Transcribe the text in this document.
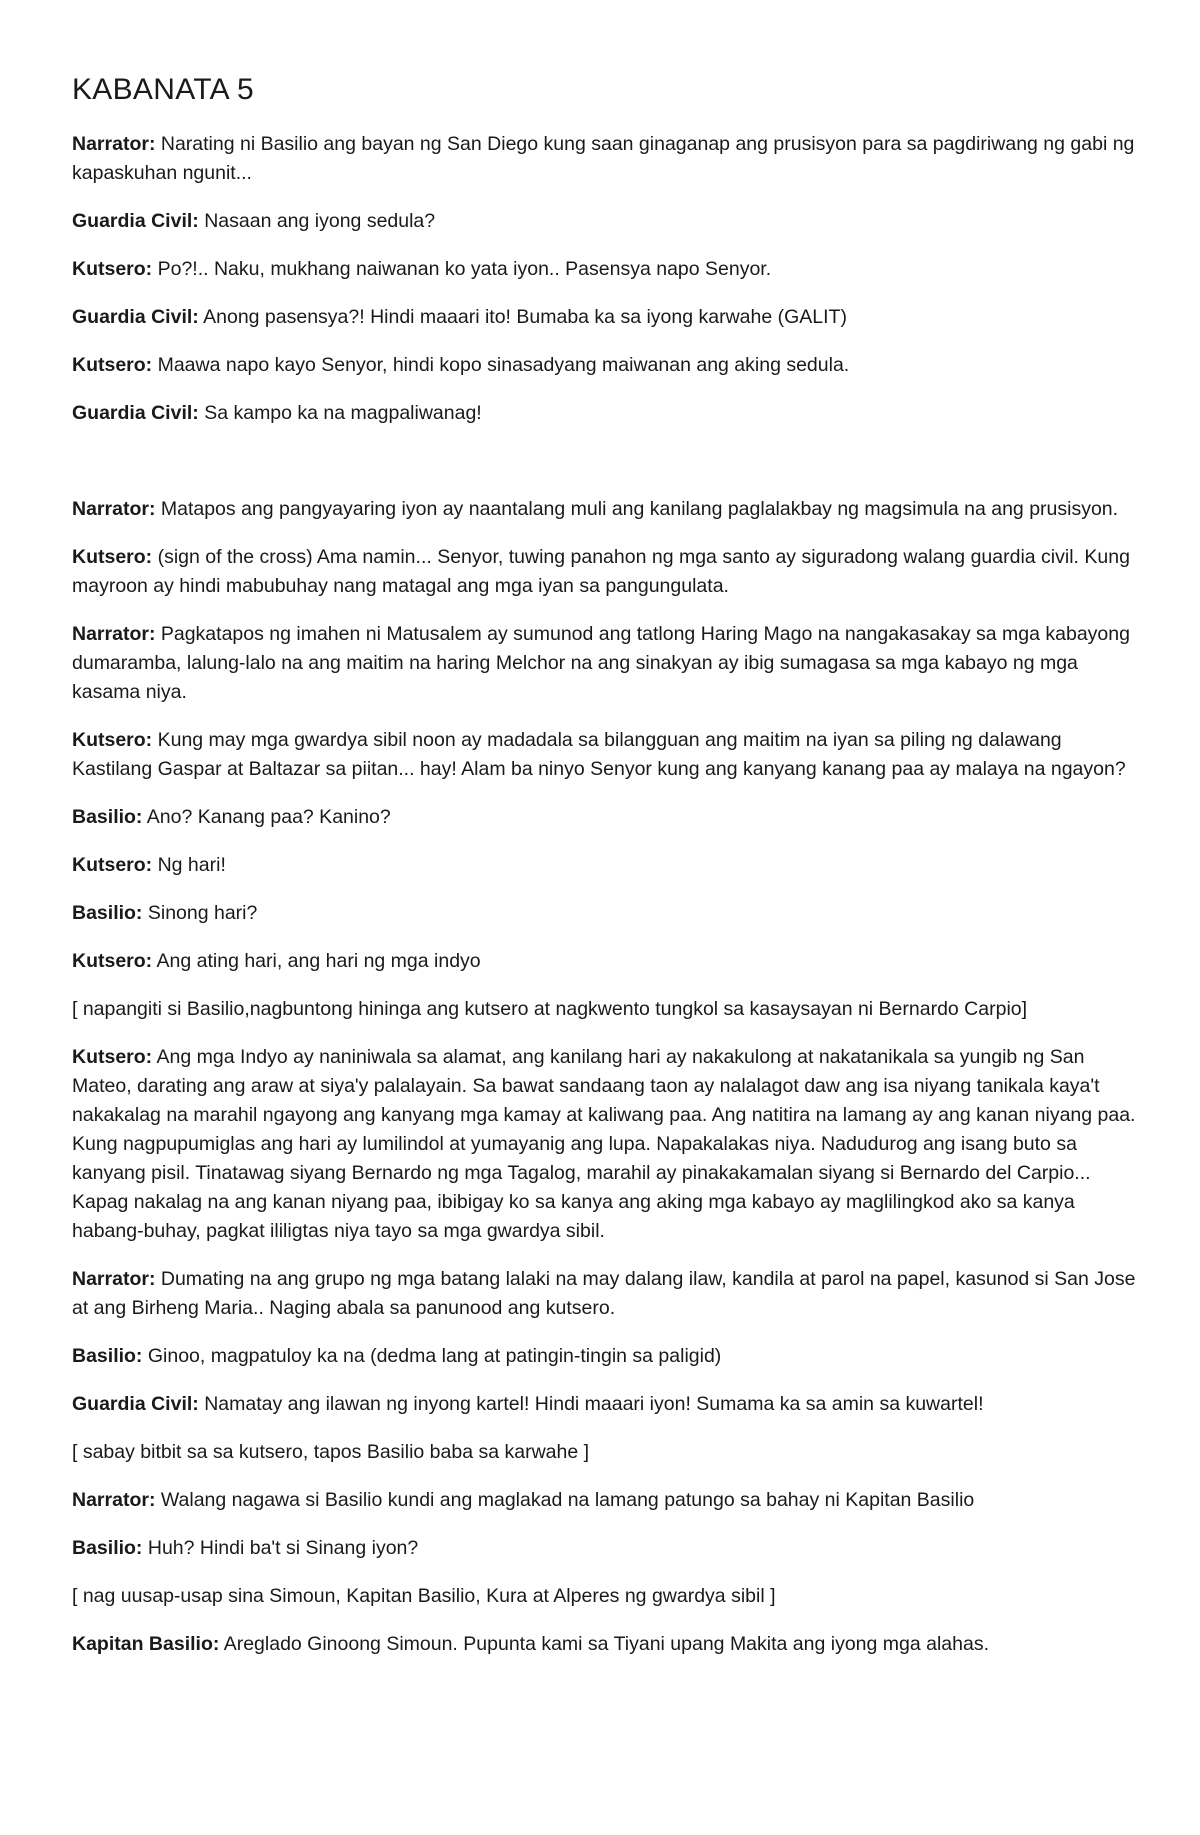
KABANATA 5

Narrator: Narating ni Basilio ang bayan ng San Diego kung saan ginaganap ang prusisyon para sa pagdiriwang ng gabi ng kapaskuhan ngunit...

Guardia Civil: Nasaan ang iyong sedula?

Kutsero: Po?!.. Naku, mukhang naiwanan ko yata iyon.. Pasensya napo Senyor.

Guardia Civil: Anong pasensya?! Hindi maaari ito! Bumaba ka sa iyong karwahe (GALIT)

Kutsero: Maawa napo kayo Senyor, hindi kopo sinasadyang maiwanan ang aking sedula.

Guardia Civil: Sa kampo ka na magpaliwanag!

Narrator: Matapos ang pangyayaring iyon ay naantalang muli ang kanilang paglalakbay ng magsimula na ang prusisyon.

Kutsero: (sign of the cross) Ama namin... Senyor, tuwing panahon ng mga santo ay siguradong walang guardia civil. Kung mayroon ay hindi mabubuhay nang matagal ang mga iyan sa pangungulata.

Narrator: Pagkatapos ng imahen ni Matusalem ay sumunod ang tatlong Haring Mago na nangakasakay sa mga kabayong dumaramba, lalung-lalo na ang maitim na haring Melchor na ang sinakyan ay ibig sumagasa sa mga kabayo ng mga kasama niya.

Kutsero: Kung may mga gwardya sibil noon ay madadala sa bilangguan ang maitim na iyan sa piling ng dalawang Kastilang Gaspar at Baltazar sa piitan... hay! Alam ba ninyo Senyor kung ang kanyang kanang paa ay malaya na ngayon?

Basilio: Ano? Kanang paa? Kanino?

Kutsero: Ng hari!

Basilio: Sinong hari?

Kutsero: Ang ating hari, ang hari ng mga indyo

[ napangiti si Basilio,nagbuntong hininga ang kutsero at nagkwento tungkol sa kasaysayan ni Bernardo Carpio]

Kutsero: Ang mga Indyo ay naniniwala sa alamat, ang kanilang hari ay nakakulong at nakatanikala sa yungib ng San Mateo, darating ang araw at siya'y palalayain. Sa bawat sandaang taon ay nalalagot daw ang isa niyang tanikala kaya't nakakalag na marahil ngayong ang kanyang mga kamay at kaliwang paa. Ang natitira na lamang ay ang kanan niyang paa. Kung nagpupumiglas ang hari ay lumilindol at yumayanig ang lupa. Napakalakas niya. Nadudurog ang isang buto sa kanyang pisil. Tinatawag siyang Bernardo ng mga Tagalog, marahil ay pinakakamalan siyang si Bernardo del Carpio... Kapag nakalag na ang kanan niyang paa, ibibigay ko sa kanya ang aking mga kabayo ay maglilingkod ako sa kanya habang-buhay, pagkat ililigtas niya tayo sa mga gwardya sibil.

Narrator: Dumating na ang grupo ng mga batang lalaki na may dalang ilaw, kandila at parol na papel, kasunod si San Jose at ang Birheng Maria.. Naging abala sa panunood ang kutsero.

Basilio: Ginoo, magpatuloy ka na (dedma lang at patingin-tingin sa paligid)

Guardia Civil: Namatay ang ilawan ng inyong kartel! Hindi maaari iyon! Sumama ka sa amin sa kuwartel!

[ sabay bitbit sa sa kutsero, tapos Basilio baba sa karwahe ]

Narrator: Walang nagawa si Basilio kundi ang maglakad na lamang patungo sa bahay ni Kapitan Basilio

Basilio: Huh? Hindi ba't si Sinang iyon?

[ nag uusap-usap sina Simoun, Kapitan Basilio, Kura at Alperes ng gwardya sibil ]

Kapitan Basilio: Areglado Ginoong Simoun. Pupunta kami sa Tiyani upang Makita ang iyong mga alahas.
